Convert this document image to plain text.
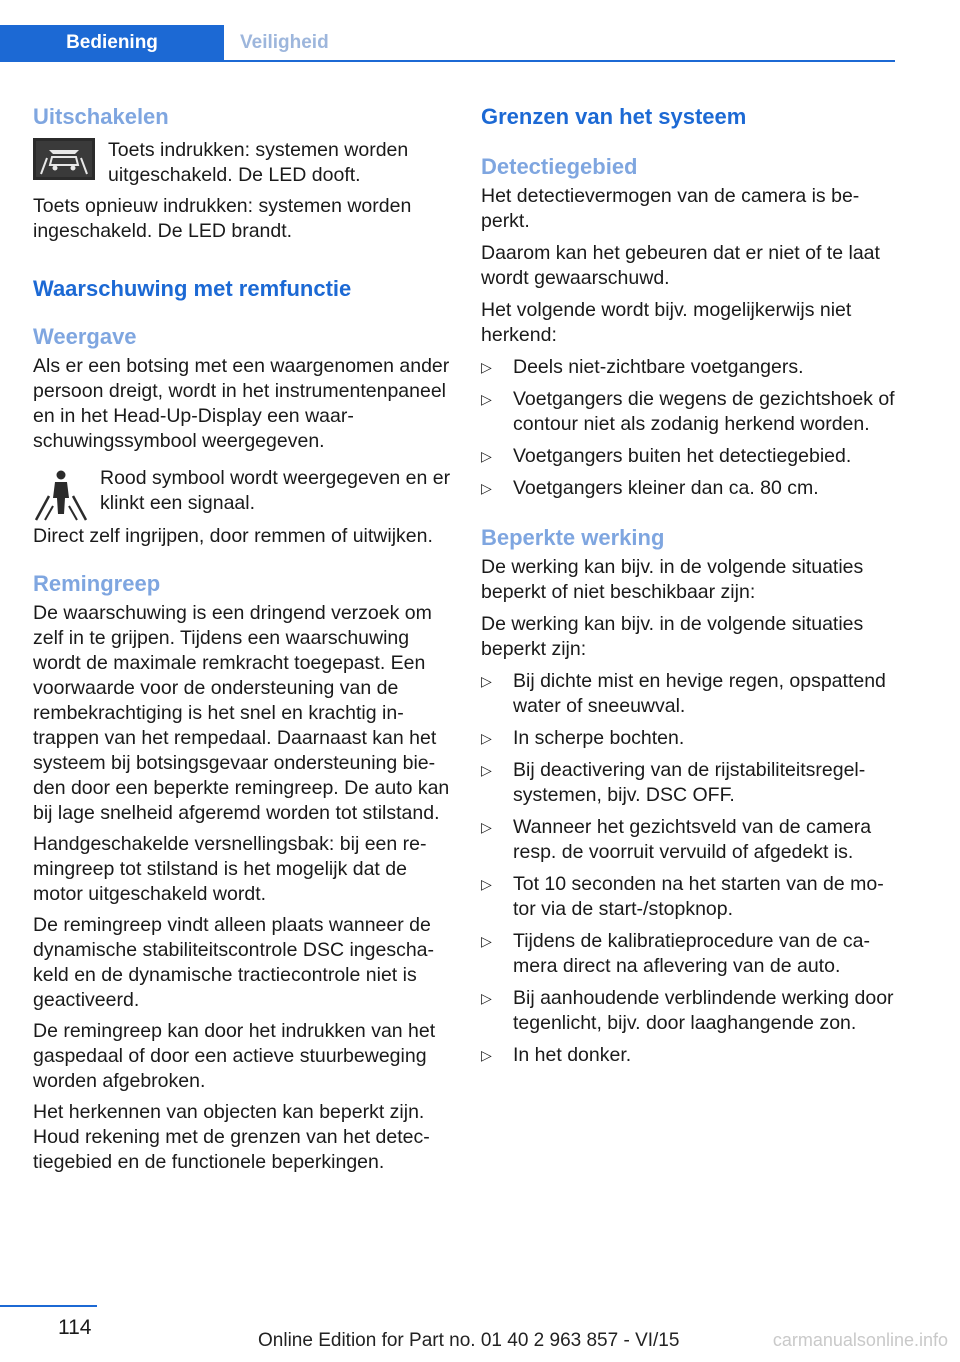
Bediening	Veiligheid
Uitschakelen
Toets indrukken: systemen worden uitgeschakeld. De LED dooft.

Toets opnieuw indrukken: systemen worden ingeschakeld. De LED brandt.

Waarschuwing met remfunctie
Weergave

Als er een botsing met een waargenomen ander persoon dreigt, wordt in het instrumentenpaneel en in het Head-Up-Display een waarschuwingssymbool weergegeven.

Rood symbool wordt weergegeven en er klinkt een signaal.

Direct zelf ingrijpen, door remmen of uitwijken.

Remingreep

De waarschuwing is een dringend verzoek om zelf in te grijpen. Tijdens een waarschuwing wordt de maximale remkracht toegepast. Een voorwaarde voor de ondersteuning van de rembekrachtiging is het snel en krachtig intrappen van het rempedaal. Daarnaast kan het systeem bij botsingsgevaar ondersteuning bieden door een beperkte remingreep. De auto kan bij lage snelheid afgeremd worden tot stilstand.

Handgeschakelde versnellingsbak: bij een remingreep tot stilstand is het mogelijk dat de motor uitgeschakeld wordt.

De remingreep vindt alleen plaats wanneer de dynamische stabiliteitscontrole DSC ingeschakeld en de dynamische tractiecontrole niet is geactiveerd.

De remingreep kan door het indrukken van het gaspedaal of door een actieve stuurbeweging worden afgebroken.

Het herkennen van objecten kan beperkt zijn. Houd rekening met de grenzen van het detectiegebied en de functionele beperkingen.

Grenzen van het systeem
Detectiegebied

Het detectievermogen van de camera is beperkt.

Daarom kan het gebeuren dat er niet of te laat wordt gewaarschuwd.

Het volgende wordt bijv. mogelijkerwijs niet herkend:

▷ Deels niet-zichtbare voetgangers.
▷ Voetgangers die wegens de gezichtshoek of contour niet als zodanig herkend worden.
▷ Voetgangers buiten het detectiegebied.
▷ Voetgangers kleiner dan ca. 80 cm.
Beperkte werking

De werking kan bijv. in de volgende situaties beperkt of niet beschikbaar zijn:

De werking kan bijv. in de volgende situaties beperkt zijn:

▷ Bij dichte mist en hevige regen, opspattend water of sneeuwval.
▷ In scherpe bochten.
▷ Bij deactivering van de rijstabiliteitsregelsystemen, bijv. DSC OFF.
▷ Wanneer het gezichtsveld van de camera resp. de voorruit vervuild of afgedekt is.
▷ Tot 10 seconden na het starten van de motor via de start-/stopknop.
▷ Tijdens de kalibratieprocedure van de camera direct na aflevering van de auto.
▷ Bij aanhoudende verblindende werking door tegenlicht, bijv. door laaghangende zon.
▷ In het donker.
114
Online Edition for Part no. 01 40 2 963 857 - VI/15	carmanualsonline.info
